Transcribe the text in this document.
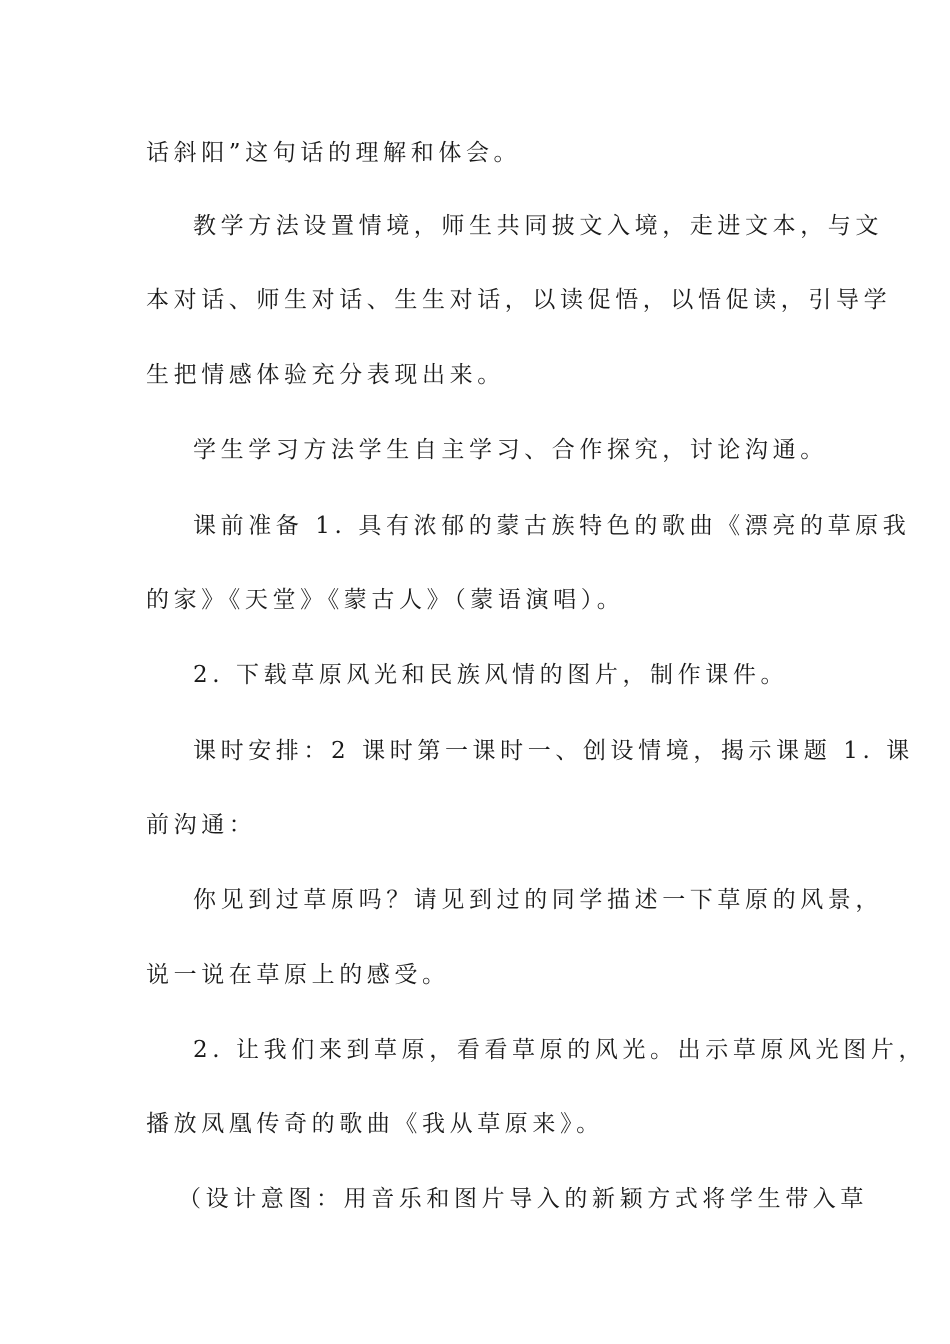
话斜阳”这句话的理解和体会。
教学方法设置情境，师生共同披文入境，走进文本，与文
本对话、师生对话、生生对话，以读促悟，以悟促读，引导学
生把情感体验充分表现出来。
学生学习方法学生自主学习、合作探究，讨论沟通。
课前准备 1. 具有浓郁的蒙古族特色的歌曲《漂亮的草原我
的家》《天堂》《蒙古人》（蒙语演唱）。
2. 下载草原风光和民族风情的图片，制作课件。
课时安排：2 课时第一课时一、创设情境，揭示课题 1. 课
前沟通：
你见到过草原吗？请见到过的同学描述一下草原的风景，
说一说在草原上的感受。
2. 让我们来到草原，看看草原的风光。出示草原风光图片，
播放凤凰传奇的歌曲《我从草原来》。
（设计意图：用音乐和图片导入的新颖方式将学生带入草
